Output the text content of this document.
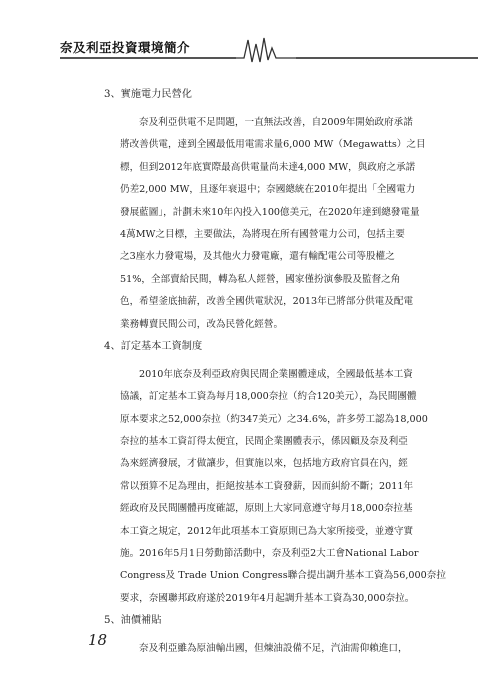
奈及利亞投資環境簡介
3、實施電力民營化
奈及利亞供電不足問題，一直無法改善，自2009年開始政府承諾
將改善供電，達到全國最低用電需求量6,000 MW（Megawatts）之目
標，但到2012年底實際最高供電量尚未達4,000 MW，與政府之承諾
仍差2,000 MW，且逐年衰退中；奈國總統在2010年提出「全國電力
發展藍圖」，計劃未來10年內投入100億美元，在2020年達到總發電量
4萬MW之目標，主要做法，為將現在所有國營電力公司，包括主要
之3座水力發電場，及其他火力發電廠，還有輸配電公司等股權之
51%，全部賣給民間，轉為私人經營，國家僅扮演參股及監督之角
色，希望釜底抽薪，改善全國供電狀況，2013年已將部分供電及配電
業務轉賣民間公司，改為民營化經營。
4、訂定基本工資制度
2010年底奈及利亞政府與民間企業團體達成，全國最低基本工資
協議，訂定基本工資為每月18,000奈拉（約合120美元），為民間團體
原本要求之52,000奈拉（約347美元）之34.6%，許多勞工認為18,000
奈拉的基本工資訂得太便宜，民間企業團體表示，係因顧及奈及利亞
為來經濟發展，才做讓步，但實施以來，包括地方政府官員在內，經
常以預算不足為理由，拒絕按基本工資發薪，因而糾紛不斷；2011年
經政府及民間團體再度確認，原則上大家同意遵守每月18,000奈拉基
本工資之規定，2012年此項基本工資原則已為大家所接受，並遵守實
施。2016年5月1日勞動節活動中，奈及利亞2大工會National Labor
Congress及 Trade Union Congress聯合提出調升基本工資為56,000奈拉
要求，奈國聯邦政府遂於2019年4月起調升基本工資為30,000奈拉。
5、油價補貼
奈及利亞雖為原油輸出國，但煉油設備不足，汽油需仰賴進口，
18
